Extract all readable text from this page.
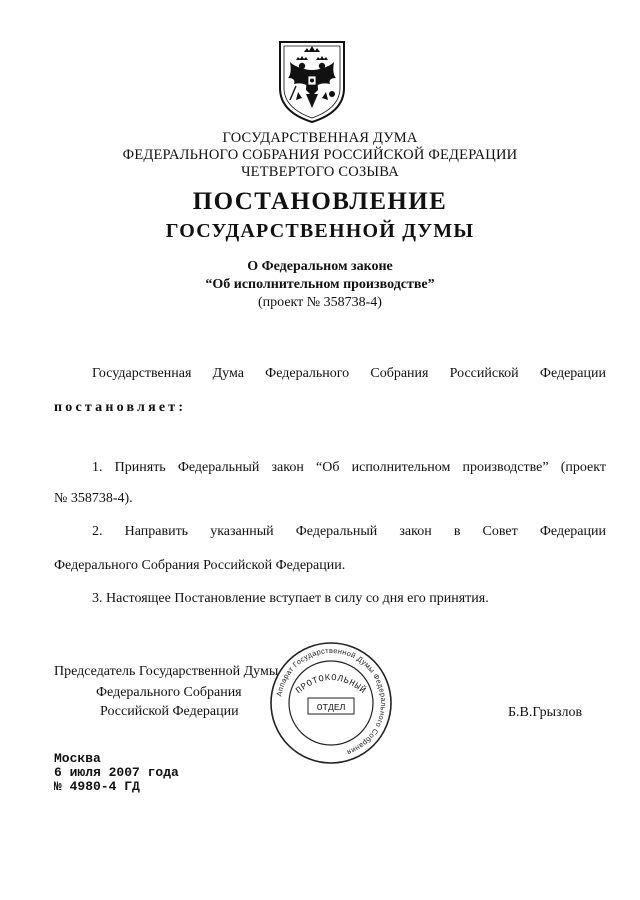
ГОСУДАРСТВЕННАЯ ДУМА

ФЕДЕРАЛЬНОГО СОБРАНИЯ РОССИЙСКОЙ ФЕДЕРАЦИИ

ЧЕТВЕРТОГО СОЗЫВА

ПОСТАНОВЛЕНИЕ
ГОСУДАРСТВЕННОЙ ДУМЫ

О Федеральном законе

“Об исполнительном производстве”

(проект № 358738-4)

Государственная Дума Федерального Собрания Российской Федерации

постановляет:

1. Принять Федеральный закон “Об исполнительном производстве” (проект

№ 358738-4).

2. Направить указанный Федеральный закон в Совет Федерации

Федерального Собрания Российской Федерации.

3. Настоящее Постановление вступает в силу со дня его принятия.

Председатель Государственной Думы

Федерального Собрания

Российской Федерации	Б.В.Грызлов

Аппарат Государственной Думы Федерального Собрания
ПРОТОКОЛЬНЫЙ
ОТДЕЛ

Москва

6 июля 2007 года

№ 4980-4 ГД
